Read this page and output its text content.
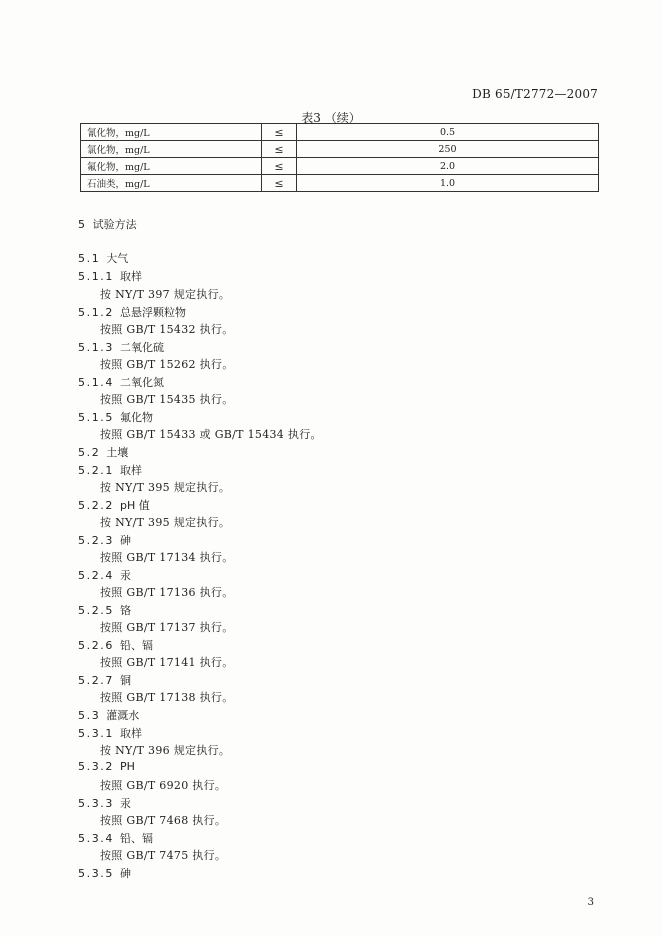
DB 65/T2772—2007
表3 （续）
氰化物，mg/L	≤	0.5
氯化物，mg/L	≤	250
氟化物，mg/L	≤	2.0
石油类，mg/L	≤	1.0
5 试验方法
5.1 大气
5.1.1 取样
按 NY/T 397 规定执行。
5.1.2 总悬浮颗粒物
按照 GB/T 15432 执行。
5.1.3 二氧化硫
按照 GB/T 15262 执行。
5.1.4 二氧化氮
按照 GB/T 15435 执行。
5.1.5 氟化物
按照 GB/T 15433 或 GB/T 15434 执行。
5.2 土壤
5.2.1 取样
按 NY/T 395 规定执行。
5.2.2 pH 值
按 NY/T 395 规定执行。
5.2.3 砷
按照 GB/T 17134 执行。
5.2.4 汞
按照 GB/T 17136 执行。
5.2.5 铬
按照 GB/T 17137 执行。
5.2.6 铅、镉
按照 GB/T 17141 执行。
5.2.7 铜
按照 GB/T 17138 执行。
5.3 灌溉水
5.3.1 取样
按 NY/T 396 规定执行。
5.3.2 PH
按照 GB/T 6920 执行。
5.3.3 汞
按照 GB/T 7468 执行。
5.3.4 铅、镉
按照 GB/T 7475 执行。
5.3.5 砷
3
